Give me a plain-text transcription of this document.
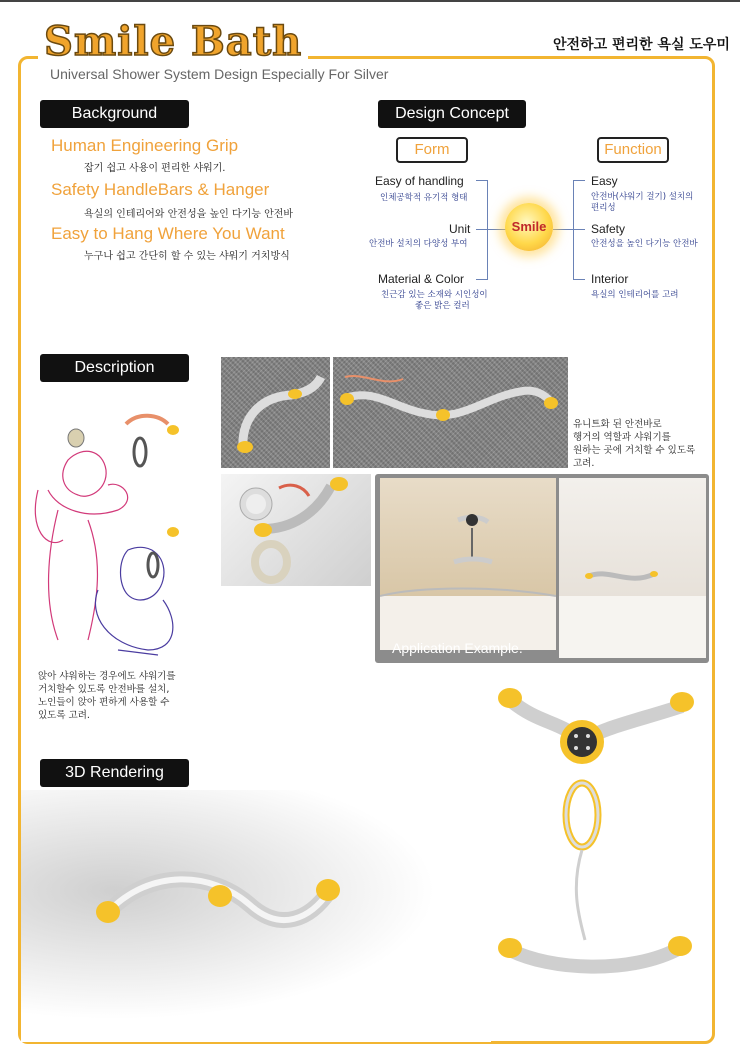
Smile Bath	안전하고 편리한 욕실 도우미
Universal Shower System Design Especially For Silver
Background
Human Engineering Grip
잡기 쉽고 사용이 편리한 샤워기.
Safety HandleBars & Hanger
욕실의 인테리어와 안전성을 높인 다기능 안전바
Easy to Hang Where You Want
누구나 쉽고 간단히 할 수 있는 샤워기 거치방식
Design Concept
Form	Function
Easy of handling
인체공학적 유기적 형태
Unit
안전바 설치의 다양성 부여
Material & Color
친근감 있는 소재와 시인성이
좋은 밝은 컬러
Easy
안전바(샤워기 걸기) 설치의
편리성
Safety
안전성을 높인 다기능 안전바
Interior
욕실의 인테리어를 고려
Smile
Description
앉아 샤워하는 경우에도 샤워기를
거치할수 있도록 안전바를 설치,
노인들이 앉아 편하게 사용할 수
있도록 고려.
유니트화 된 안전바로
행거의 역할과 샤워기를
원하는 곳에 거치할 수 있도록
고려.
Application Example.
3D Rendering
